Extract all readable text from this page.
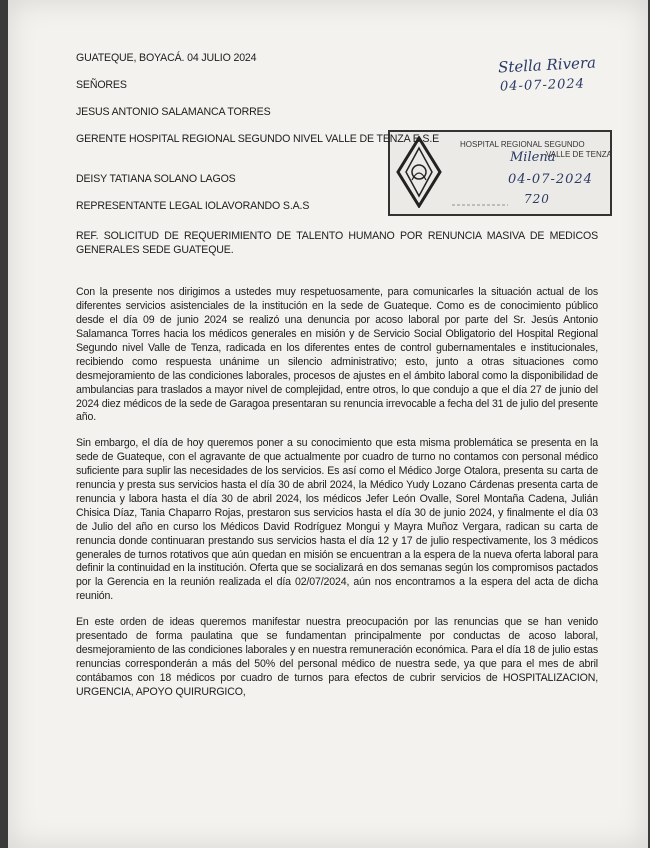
Stella Rivera
04-07-2024
HOSPITAL REGIONAL SEGUNDO
VALLE DE TENZA
Milena
04-07-2024
720
GUATEQUE, BOYACÁ. 04 JULIO 2024
SEÑORES
JESUS ANTONIO SALAMANCA TORRES
GERENTE HOSPITAL REGIONAL SEGUNDO NIVEL VALLE DE TENZA E.S.E
DEISY TATIANA SOLANO LAGOS
REPRESENTANTE LEGAL IOLAVORANDO S.A.S
REF. SOLICITUD DE REQUERIMIENTO DE TALENTO HUMANO POR RENUNCIA MASIVA DE MEDICOS GENERALES SEDE GUATEQUE.
Con la presente nos dirigimos a ustedes muy respetuosamente, para comunicarles la situación actual de los diferentes servicios asistenciales de la institución en la sede de Guateque. Como es de conocimiento público desde el día 09 de junio 2024 se realizó una denuncia por acoso laboral por parte del Sr. Jesús Antonio Salamanca Torres hacia los médicos generales en misión y de Servicio Social Obligatorio del Hospital Regional Segundo nivel Valle de Tenza, radicada en los diferentes entes de control gubernamentales e institucionales, recibiendo como respuesta unánime un silencio administrativo; esto, junto a otras situaciones como desmejoramiento de las condiciones laborales, procesos de ajustes en el ámbito laboral como la disponibilidad de ambulancias para traslados a mayor nivel de complejidad, entre otros, lo que condujo a que el día 27 de junio del 2024 diez médicos de la sede de Garagoa presentaran su renuncia irrevocable a fecha del 31 de julio del presente año.
Sin embargo, el día de hoy queremos poner a su conocimiento que esta misma problemática se presenta en la sede de Guateque, con el agravante de que actualmente por cuadro de turno no contamos con personal médico suficiente para suplir las necesidades de los servicios. Es así como el Médico Jorge Otalora, presenta su carta de renuncia y presta sus servicios hasta el día 30 de abril 2024, la Médico Yudy Lozano Cárdenas presenta carta de renuncia y labora hasta el día 30 de abril 2024, los médicos Jefer León Ovalle, Sorel Montaña Cadena, Julián Chisica Díaz, Tania Chaparro Rojas, prestaron sus servicios hasta el día 30 de junio 2024, y finalmente el día 03 de Julio del año en curso los Médicos David Rodríguez Mongui y Mayra Muñoz Vergara, radican su carta de renuncia donde continuaran prestando sus servicios hasta el día 12 y 17 de julio respectivamente, los 3 médicos generales de turnos rotativos que aún quedan en misión se encuentran a la espera de la nueva oferta laboral para definir la continuidad en la institución. Oferta que se socializará en dos semanas según los compromisos pactados por la Gerencia en la reunión realizada el día 02/07/2024, aún nos encontramos a la espera del acta de dicha reunión.
En este orden de ideas queremos manifestar nuestra preocupación por las renuncias que se han venido presentado de forma paulatina que se fundamentan principalmente por conductas de acoso laboral, desmejoramiento de las condiciones laborales y en nuestra remuneración económica. Para el día 18 de julio estas renuncias corresponderán a más del 50% del personal médico de nuestra sede, ya que para el mes de abril contábamos con 18 médicos por cuadro de turnos para efectos de cubrir servicios de HOSPITALIZACION, URGENCIA, APOYO QUIRURGICO,
